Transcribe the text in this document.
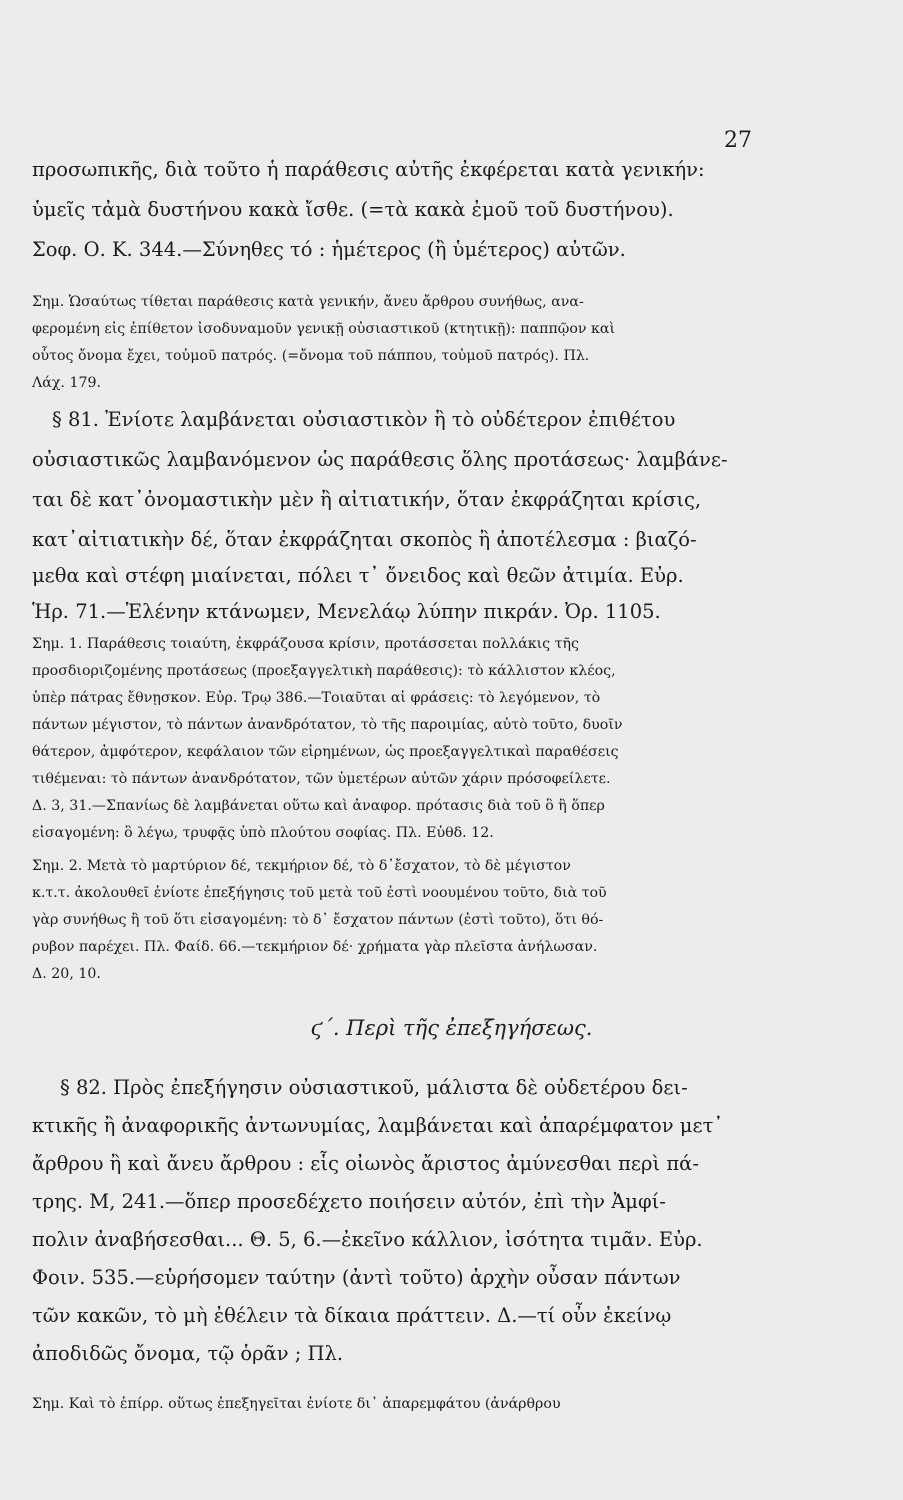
27
προσωπικῆς, διὰ τοῦτο ἡ παράθεσις αὐτῆς ἐκφέρεται κατὰ γενικήν:
ὑμεῖς τἀμὰ δυστήνου κακὰ ἴσθε. (=τὰ κακὰ ἐμοῦ τοῦ δυστήνου).
Σοφ. Ο. Κ. 344.—Σύνηθες τό : ἡμέτερος (ἢ ὑμέτερος) αὐτῶν.
Σημ. Ὡσαύτως τίθεται παράθεσις κατὰ γενικήν, ἄνευ ἄρθρου συνήθως, ανα-
φερομένη εἰς ἐπίθετον ἰσοδυναμοῦν γενικῇ οὐσιαστικοῦ (κτητικῇ): παππῷον καὶ
οὗτος ὄνομα ἔχει, τοὐμοῦ πατρός. (=ὄνομα τοῦ πάππου, τοὐμοῦ πατρός). Πλ.
Λάχ. 179.
§ 81. Ἐνίοτε λαμβάνεται οὐσιαστικὸν ἢ τὸ οὐδέτερον ἐπιθέτου
οὐσιαστικῶς λαμβανόμενον ὡς παράθεσις ὅλης προτάσεως· λαμβάνε-
ται δὲ κατ᾿ὀνομαστικὴν μὲν ἢ αἰτιατικήν, ὅταν ἐκφράζηται κρίσις,
κατ᾿αἰτιατικὴν δέ, ὅταν ἐκφράζηται σκοπὸς ἢ ἀποτέλεσμα : βιαζό-
μεθα καὶ στέφη μιαίνεται, πόλει τ᾿ ὄνειδος καὶ θεῶν ἀτιμία. Εὐρ.
Ἡρ. 71.—Ἑλένην κτάνωμεν, Μενελάῳ λύπην πικράν. Ὀρ. 1105.
Σημ. 1. Παράθεσις τοιαύτη, ἐκφράζουσα κρίσιν, προτάσσεται πολλάκις τῆς
προσδιοριζομένης προτάσεως (προεξαγγελτικὴ παράθεσις): τὸ κάλλιστον κλέος,
ὑπὲρ πάτρας ἔθνῃσκον. Εὐρ. Τρῳ 386.—Τοιαῦται αἱ φράσεις: τὸ λεγόμενον, τὸ
πάντων μέγιστον, τὸ πάντων ἀνανδρότατον, τὸ τῆς παροιμίας, αὐτὸ τοῦτο, δυοῖν
θάτερον, ἀμφότερον, κεφάλαιον τῶν εἰρημένων, ὡς προεξαγγελτικαὶ παραθέσεις
τιθέμεναι: τὸ πάντων ἀνανδρότατον, τῶν ὑμετέρων αὐτῶν χάριν πρόσοφείλετε.
Δ. 3, 31.—Σπανίως δὲ λαμβάνεται οὕτω καὶ ἀναφορ. πρότασις διὰ τοῦ ὃ ἢ ὅπερ
εἰσαγομένη: ὃ λέγω, τρυφᾷς ὑπὸ πλούτου σοφίας. Πλ. Εὐθδ. 12.
Σημ. 2. Μετὰ τὸ μαρτύριον δέ, τεκμήριον δέ, τὸ δ᾿ἔσχατον, τὸ δὲ μέγιστον
κ.τ.τ. ἀκολουθεῖ ἐνίοτε ἐπεξήγησις τοῦ μετὰ τοῦ ἐστὶ νοουμένου τοῦτο, διὰ τοῦ
γὰρ συνήθως ἢ τοῦ ὅτι εἰσαγομένη: τὸ δ᾿ ἔσχατον πάντων (ἐστὶ τοῦτο), ὅτι θό-
ρυβον παρέχει. Πλ. Φαίδ. 66.—τεκμήριον δέ· χρήματα γὰρ πλεῖστα ἀνήλωσαν.
Δ. 20, 10.
ϛ΄. Περὶ τῆς ἐπεξηγήσεως.
§ 82. Πρὸς ἐπεξήγησιν οὐσιαστικοῦ, μάλιστα δὲ οὐδετέρου δει-
κτικῆς ἢ ἀναφορικῆς ἀντωνυμίας, λαμβάνεται καὶ ἀπαρέμφατον μετ᾿
ἄρθρου ἢ καὶ ἄνευ ἄρθρου : εἷς οἰωνὸς ἄριστος ἀμύνεσθαι περὶ πά-
τρης. Μ, 241.—ὅπερ προσεδέχετο ποιήσειν αὐτόν, ἐπὶ τὴν Ἀμφί-
πολιν ἀναβήσεσθαι... Θ. 5, 6.—ἐκεῖνο κάλλιον, ἰσότητα τιμᾶν. Εὐρ.
Φοιν. 535.—εὑρήσομεν ταύτην (ἀντὶ τοῦτο) ἀρχὴν οὖσαν πάντων
τῶν κακῶν, τὸ μὴ ἐθέλειν τὰ δίκαια πράττειν. Δ.—τί οὖν ἐκείνῳ
ἀποδιδῶς ὄνομα, τῷ ὁρᾶν ; Πλ.
Σημ. Καὶ τὸ ἐπίρρ. οὕτως ἐπεξηγεῖται ἐνίοτε δι᾿ ἀπαρεμφάτου (ἀνάρθρου
